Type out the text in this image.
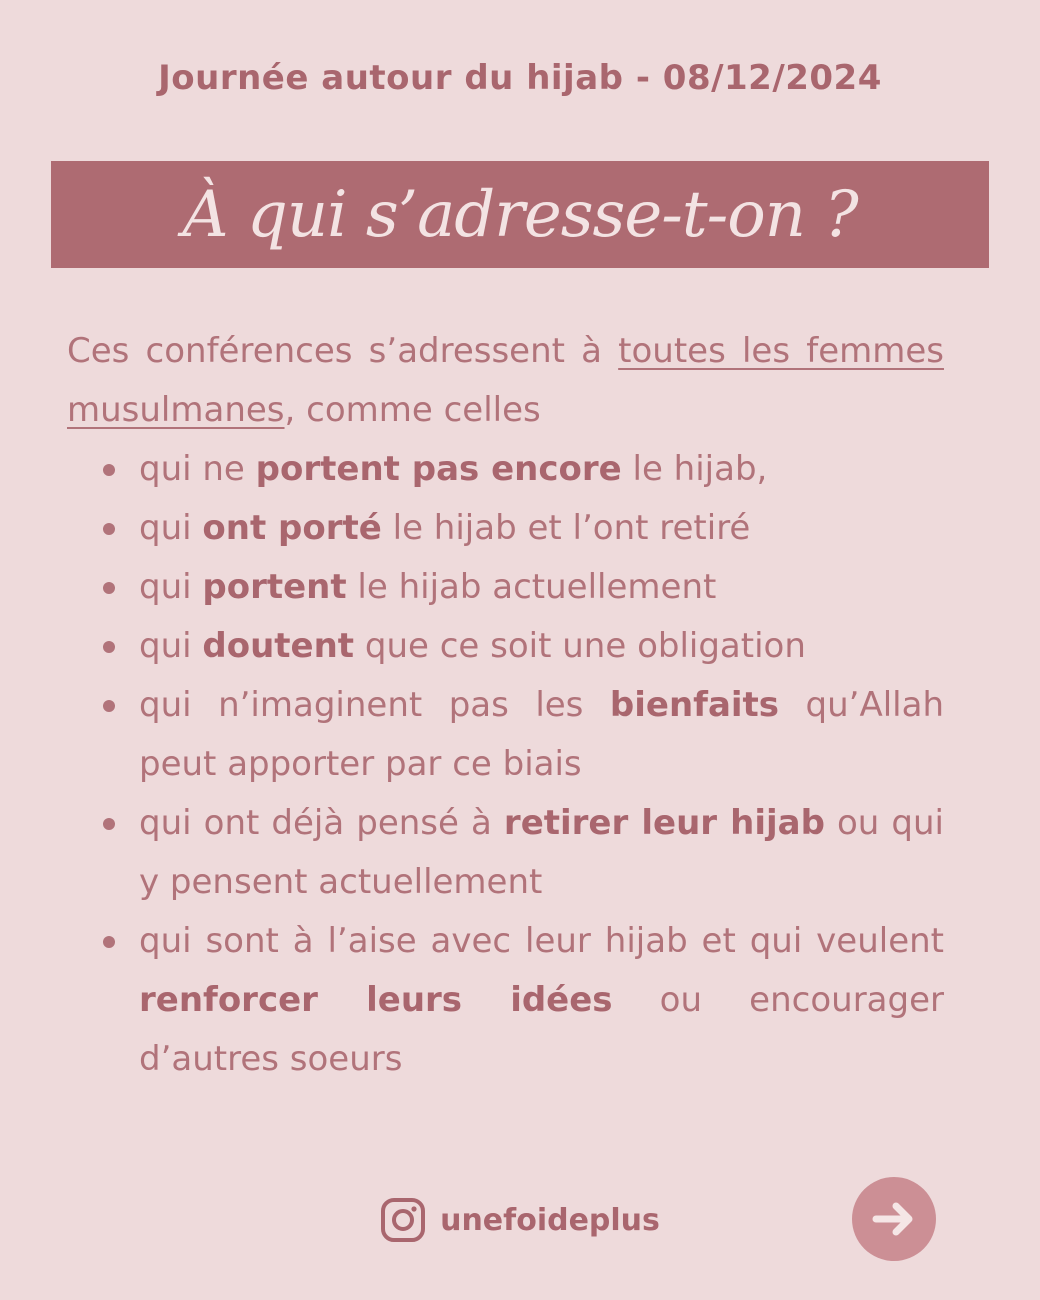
Journée autour du hijab - 08/12/2024
À qui s’adresse-t-on ?

Ces conférences s’adressent à toutes les femmes musulmanes, comme celles

qui ne portent pas encore le hijab,
qui ont porté le hijab et l’ont retiré
qui portent le hijab actuellement
qui doutent que ce soit une obligation
qui n’imaginent pas les bienfaits qu’Allah peut apporter par ce biais
qui ont déjà pensé à retirer leur hijab ou qui y pensent actuellement
qui sont à l’aise avec leur hijab et qui veulent renforcer leurs idées ou encourager d’autres soeurs
unefoideplus
